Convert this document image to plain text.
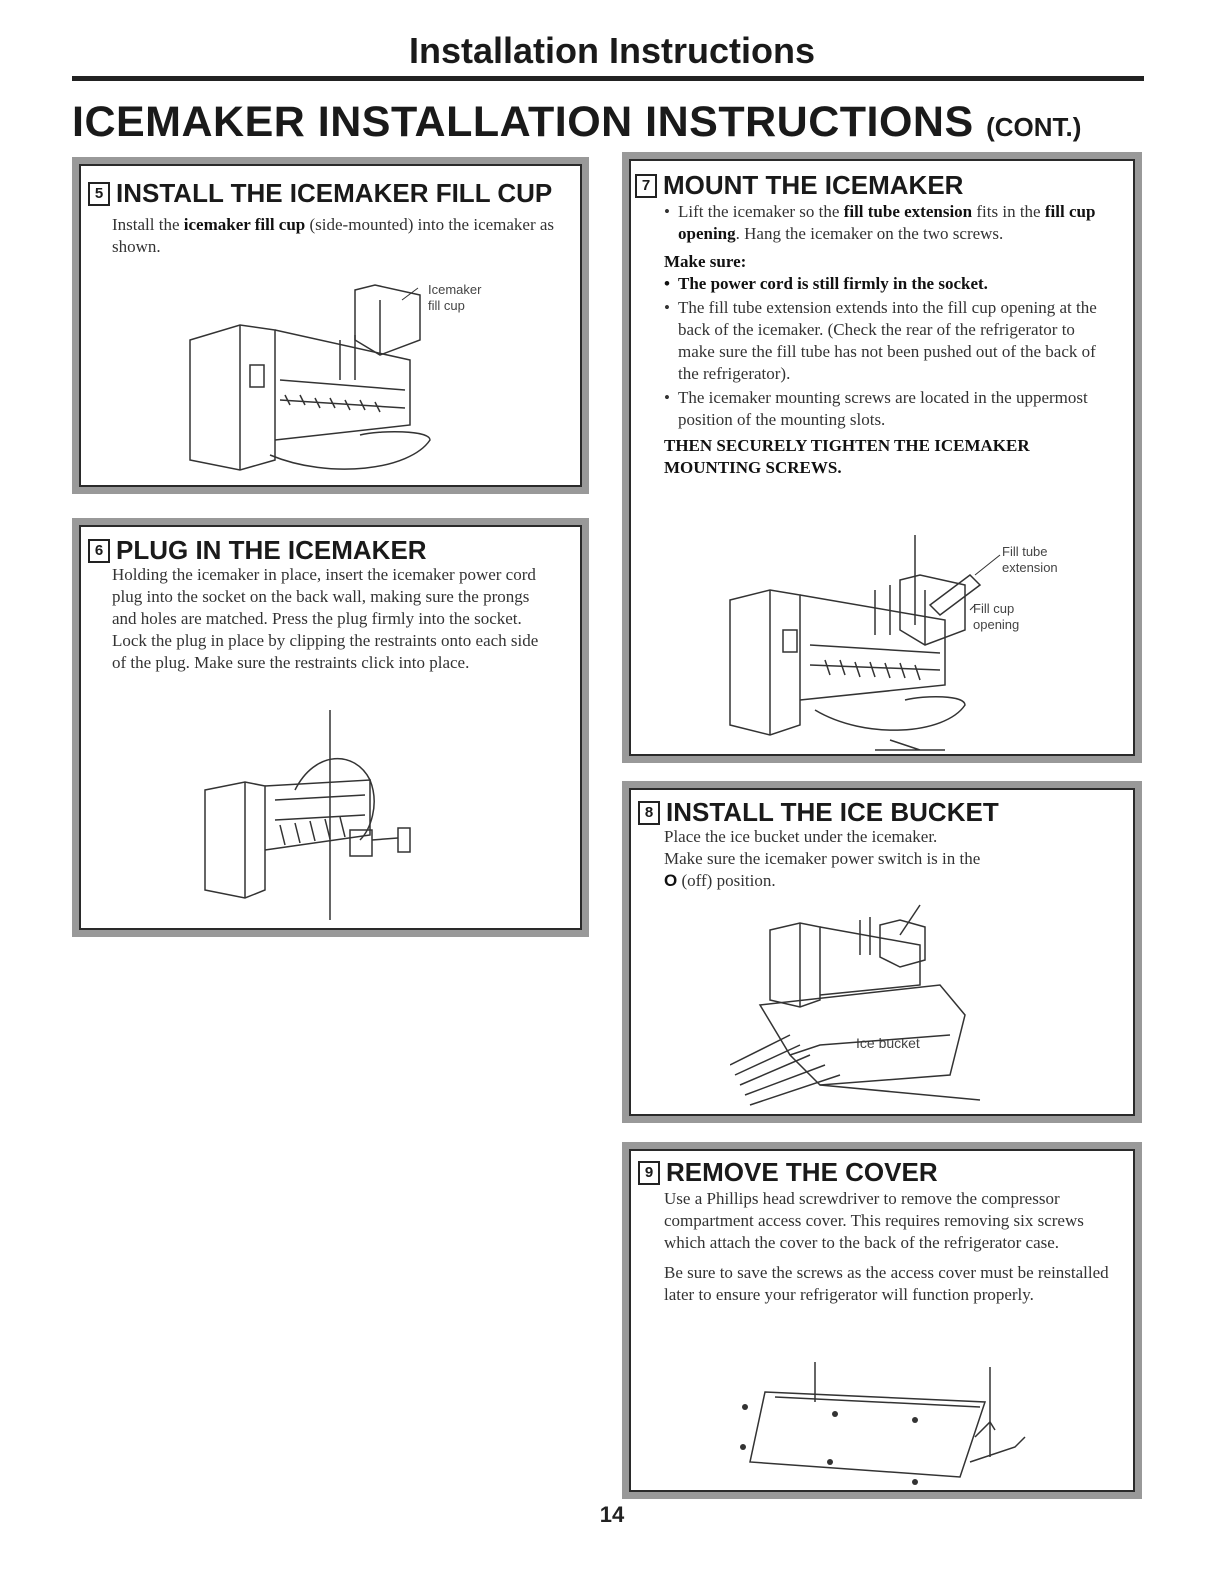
Installation Instructions
ICEMAKER INSTALLATION INSTRUCTIONS (CONT.)
5 INSTALL THE ICEMAKER FILL CUP
Install the icemaker fill cup (side-mounted) into the icemaker as shown.
Icemaker
fill cup
6 PLUG IN THE ICEMAKER
Holding the icemaker in place, insert the icemaker power cord plug into the socket on the back wall, making sure the prongs and holes are matched. Press the plug firmly into the socket. Lock the plug in place by clipping the restraints onto each side of the plug. Make sure the restraints click into place.
7 MOUNT THE ICEMAKER
• Lift the icemaker so the fill tube extension fits in the fill cup opening. Hang the icemaker on the two screws.
Make sure:
• The power cord is still firmly in the socket.
• The fill tube extension extends into the fill cup opening at the back of the icemaker. (Check the rear of the refrigerator to make sure the fill tube has not been pushed out of the back of the refrigerator).
• The icemaker mounting screws are located in the uppermost position of the mounting slots.
THEN SECURELY TIGHTEN THE ICEMAKER MOUNTING SCREWS.
Fill tube
extension
Fill cup
opening
8 INSTALL THE ICE BUCKET
Place the ice bucket under the icemaker.
Make sure the icemaker power switch is in the
O (off) position.
Ice bucket
9 REMOVE THE COVER
Use a Phillips head screwdriver to remove the compressor compartment access cover. This requires removing six screws which attach the cover to the back of the refrigerator case.
Be sure to save the screws as the access cover must be reinstalled later to ensure your refrigerator will function properly.
14
